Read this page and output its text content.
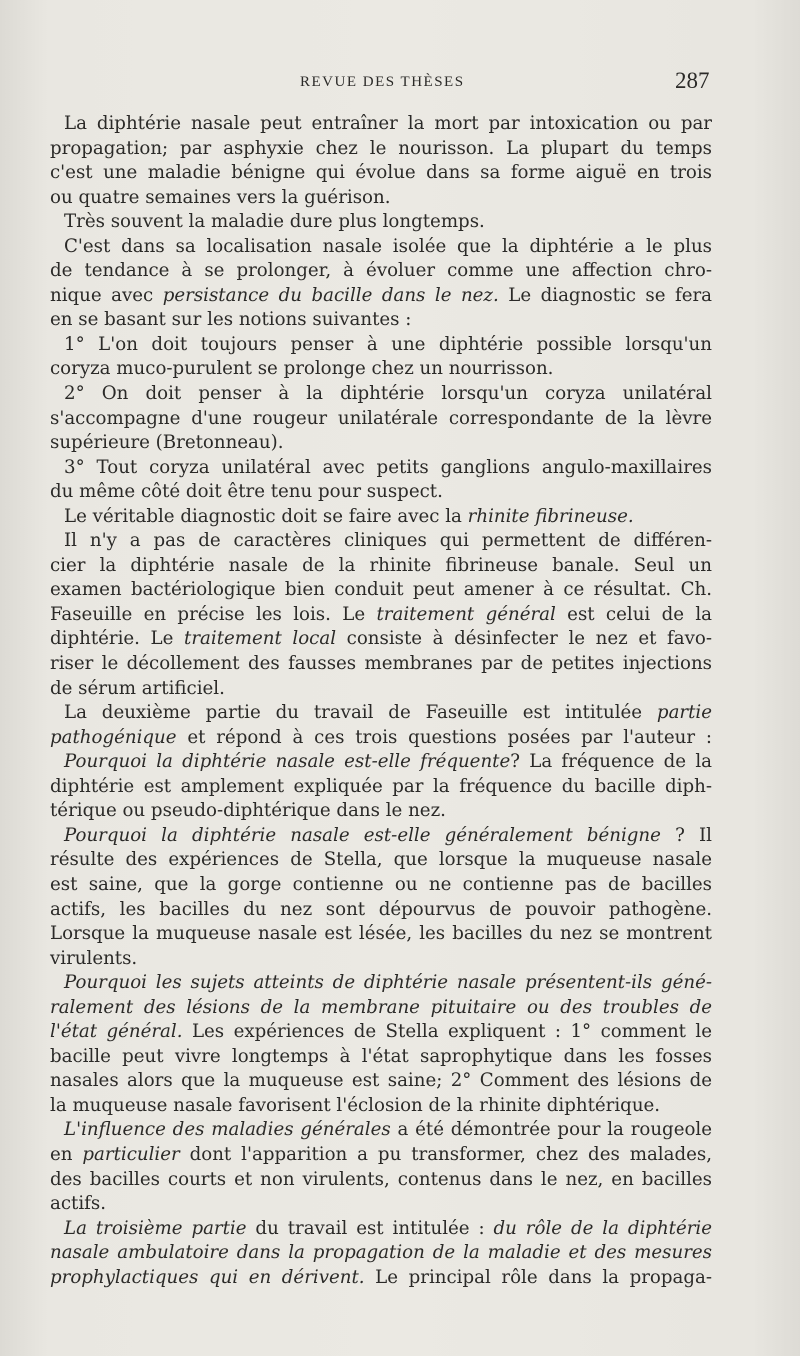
REVUE DES THÈSES	287
La diphtérie nasale peut entraîner la mort par intoxication ou par
propagation; par asphyxie chez le nourisson. La plupart du temps
c'est une maladie bénigne qui évolue dans sa forme aiguë en trois
ou quatre semaines vers la guérison.
Très souvent la maladie dure plus longtemps.
C'est dans sa localisation nasale isolée que la diphtérie a le plus
de tendance à se prolonger, à évoluer comme une affection chro-
nique avec persistance du bacille dans le nez. Le diagnostic se fera
en se basant sur les notions suivantes :
1° L'on doit toujours penser à une diphtérie possible lorsqu'un
coryza muco-purulent se prolonge chez un nourrisson.
2° On doit penser à la diphtérie lorsqu'un coryza unilatéral
s'accompagne d'une rougeur unilatérale correspondante de la lèvre
supérieure (Bretonneau).
3° Tout coryza unilatéral avec petits ganglions angulo-maxillaires
du même côté doit être tenu pour suspect.
Le véritable diagnostic doit se faire avec la rhinite fibrineuse.
Il n'y a pas de caractères cliniques qui permettent de différen-
cier la diphtérie nasale de la rhinite fibrineuse banale. Seul un
examen bactériologique bien conduit peut amener à ce résultat. Ch.
Faseuille en précise les lois. Le traitement général est celui de la
diphtérie. Le traitement local consiste à désinfecter le nez et favo-
riser le décollement des fausses membranes par de petites injections
de sérum artificiel.
La deuxième partie du travail de Faseuille est intitulée partie
pathogénique et répond à ces trois questions posées par l'auteur :
Pourquoi la diphtérie nasale est-elle fréquente? La fréquence de la
diphtérie est amplement expliquée par la fréquence du bacille diph-
térique ou pseudo-diphtérique dans le nez.
Pourquoi la diphtérie nasale est-elle généralement bénigne ? Il
résulte des expériences de Stella, que lorsque la muqueuse nasale
est saine, que la gorge contienne ou ne contienne pas de bacilles
actifs, les bacilles du nez sont dépourvus de pouvoir pathogène.
Lorsque la muqueuse nasale est lésée, les bacilles du nez se montrent
virulents.
Pourquoi les sujets atteints de diphtérie nasale présentent-ils géné-
ralement des lésions de la membrane pituitaire ou des troubles de
l'état général. Les expériences de Stella expliquent : 1° comment le
bacille peut vivre longtemps à l'état saprophytique dans les fosses
nasales alors que la muqueuse est saine; 2° Comment des lésions de
la muqueuse nasale favorisent l'éclosion de la rhinite diphtérique.
L'influence des maladies générales a été démontrée pour la rougeole
en particulier dont l'apparition a pu transformer, chez des malades,
des bacilles courts et non virulents, contenus dans le nez, en bacilles
actifs.
La troisième partie du travail est intitulée : du rôle de la diphtérie
nasale ambulatoire dans la propagation de la maladie et des mesures
prophylactiques qui en dérivent. Le principal rôle dans la propaga-
